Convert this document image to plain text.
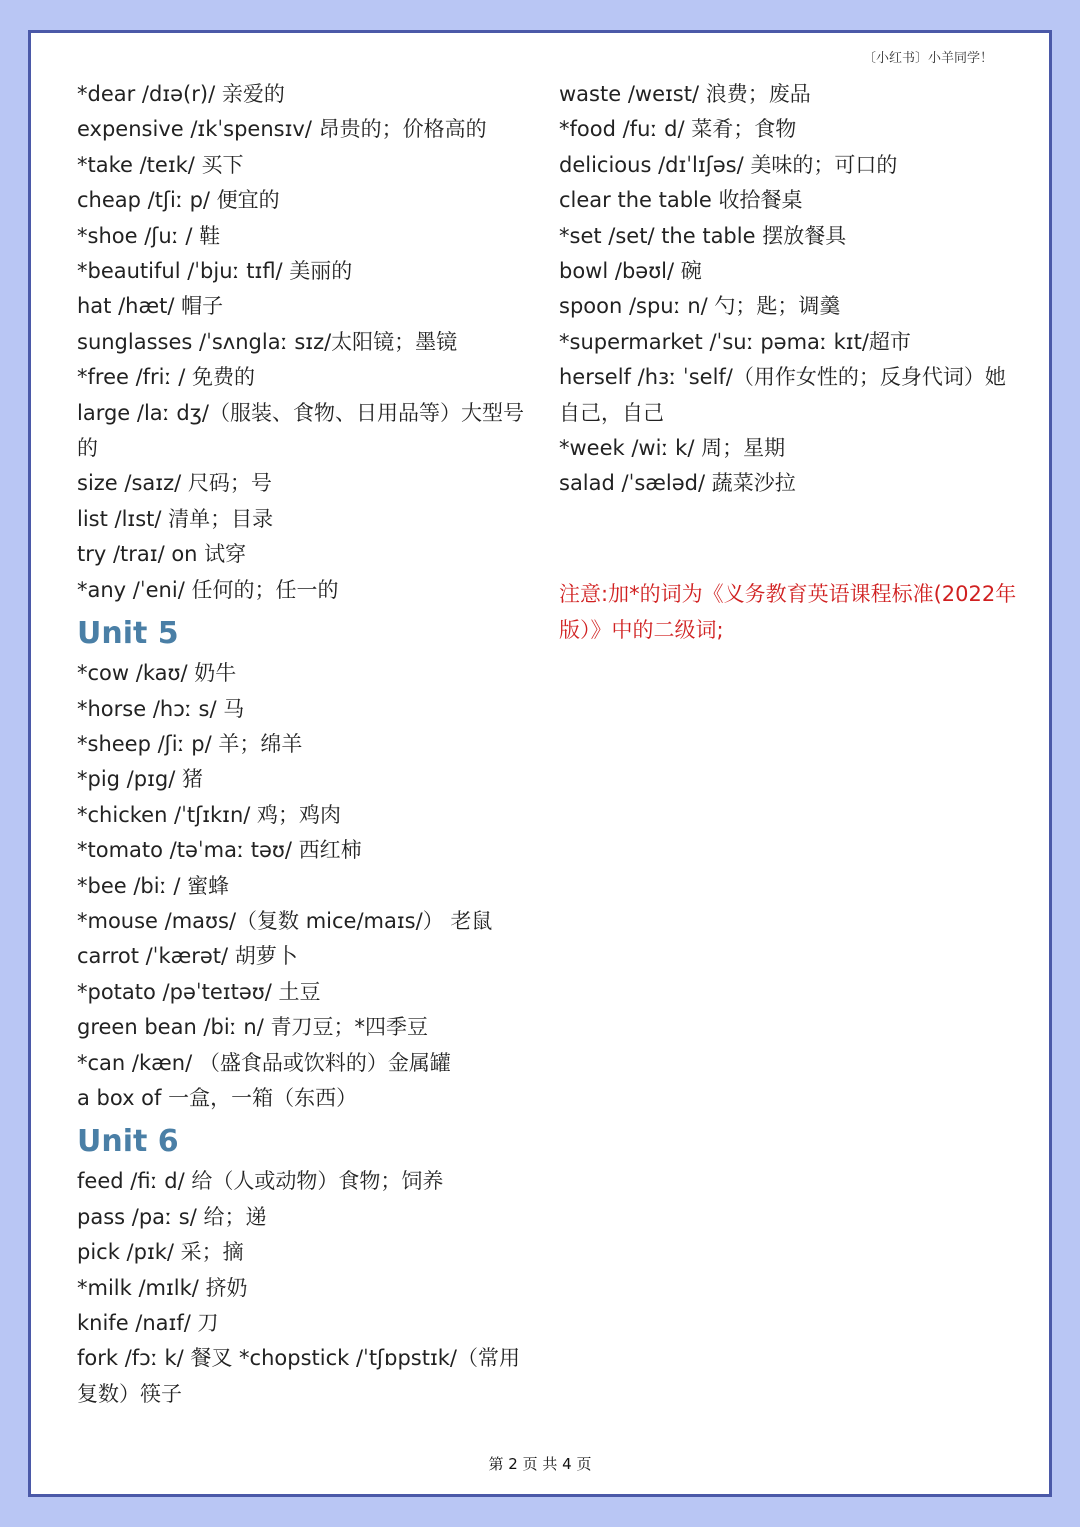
〔小红书〕小羊同学！
*dear /dɪə(r)/ 亲爱的
expensive /ɪkˈspensɪv/ 昂贵的；价格高的
*take /teɪk/ 买下
cheap /tʃiː p/ 便宜的
*shoe /ʃuː / 鞋
*beautiful /ˈbjuː tɪfl/ 美丽的
hat /hæt/ 帽子
sunglasses /ˈsʌnglaː sɪz/太阳镜；墨镜
*free /friː / 免费的
large /laː dʒ/（服装、食物、日用品等）大型号的
size /saɪz/ 尺码；号
list /lɪst/ 清单；目录
try /traɪ/ on 试穿
*any /ˈeni/ 任何的；任一的
Unit 5
*cow /kaʊ/ 奶牛
*horse /hɔː s/ 马
*sheep /ʃiː p/ 羊；绵羊
*pig /pɪg/ 猪
*chicken /ˈtʃɪkɪn/ 鸡；鸡肉
*tomato /təˈmaː təʊ/ 西红柿
*bee /biː / 蜜蜂
*mouse /maʊs/（复数 mice/maɪs/） 老鼠
carrot /ˈkærət/ 胡萝卜
*potato /pəˈteɪtəʊ/ 土豆
green bean /biː n/ 青刀豆；*四季豆
*can /kæn/ （盛食品或饮料的）金属罐
a box of 一盒，一箱（东西）
Unit 6
feed /fiː d/ 给（人或动物）食物；饲养
pass /paː s/ 给；递
pick /pɪk/ 采；摘
*milk /mɪlk/ 挤奶
knife /naɪf/ 刀
fork /fɔː k/ 餐叉 *chopstick /ˈtʃɒpstɪk/（常用复数）筷子
waste /weɪst/ 浪费；废品
*food /fuː d/ 菜肴；食物
delicious /dɪˈlɪʃəs/ 美味的；可口的
clear the table 收拾餐桌
*set /set/ the table 摆放餐具
bowl /bəʊl/ 碗
spoon /spuː n/ 勺；匙；调羹
*supermarket /ˈsuː pəmaː kɪt/超市
herself /hɜː ˈself/（用作女性的；反身代词）她自己，自己
*week /wiː k/ 周；星期
salad /ˈsæləd/ 蔬菜沙拉
注意:加*的词为《义务教育英语课程标准(2022年版）》中的二级词;
第 2 页 共 4 页
